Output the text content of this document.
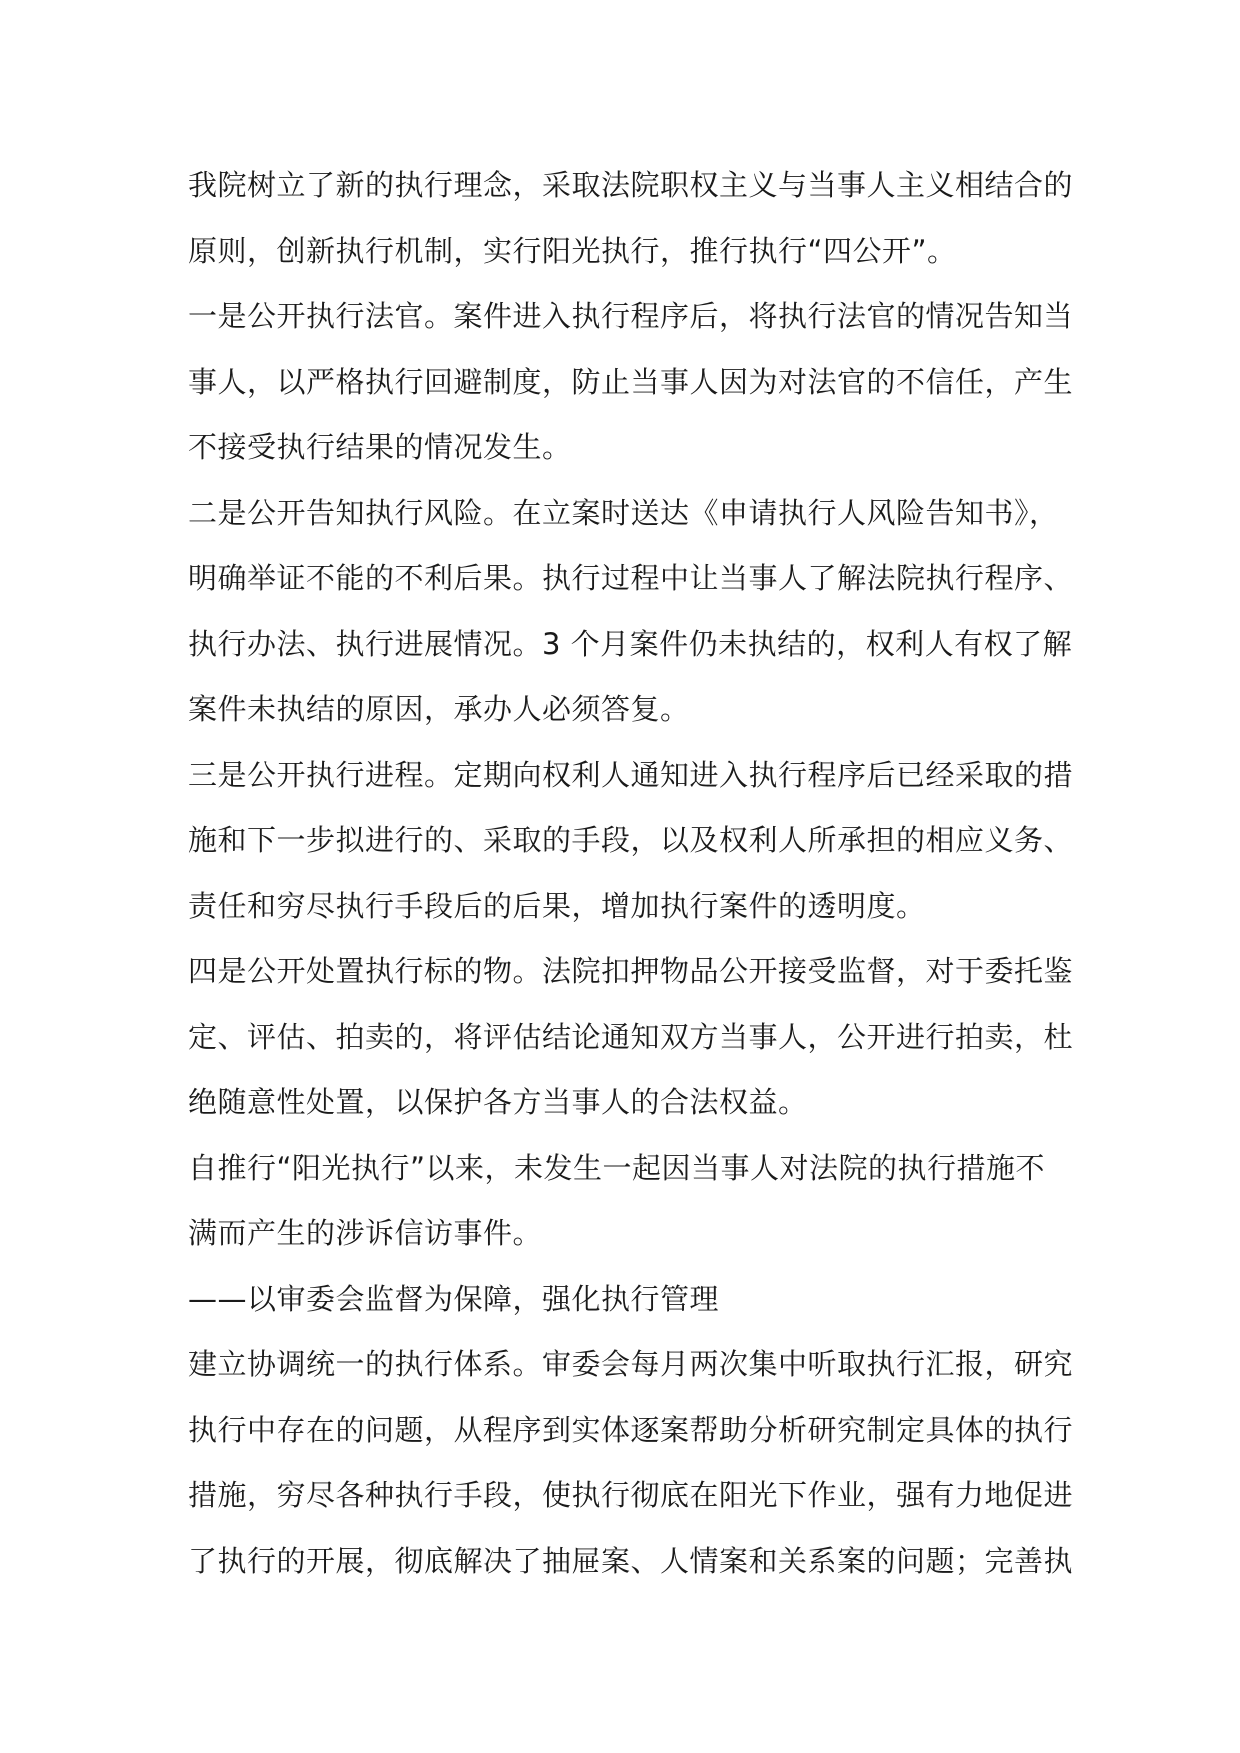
我院树立了新的执行理念，采取法院职权主义与当事人主义相结合的
原则，创新执行机制，实行阳光执行，推行执行“四公开”。
一是公开执行法官。案件进入执行程序后，将执行法官的情况告知当
事人，以严格执行回避制度，防止当事人因为对法官的不信任，产生
不接受执行结果的情况发生。
二是公开告知执行风险。在立案时送达《申请执行人风险告知书》，
明确举证不能的不利后果。执行过程中让当事人了解法院执行程序、
执行办法、执行进展情况。3 个月案件仍未执结的，权利人有权了解
案件未执结的原因，承办人必须答复。
三是公开执行进程。定期向权利人通知进入执行程序后已经采取的措
施和下一步拟进行的、采取的手段，以及权利人所承担的相应义务、
责任和穷尽执行手段后的后果，增加执行案件的透明度。
四是公开处置执行标的物。法院扣押物品公开接受监督，对于委托鉴
定、评估、拍卖的，将评估结论通知双方当事人，公开进行拍卖，杜
绝随意性处置，以保护各方当事人的合法权益。
自推行“阳光执行”以来，未发生一起因当事人对法院的执行措施不
满而产生的涉诉信访事件。
——以审委会监督为保障，强化执行管理
建立协调统一的执行体系。审委会每月两次集中听取执行汇报，研究
执行中存在的问题，从程序到实体逐案帮助分析研究制定具体的执行
措施，穷尽各种执行手段，使执行彻底在阳光下作业，强有力地促进
了执行的开展，彻底解决了抽屉案、人情案和关系案的问题；完善执
